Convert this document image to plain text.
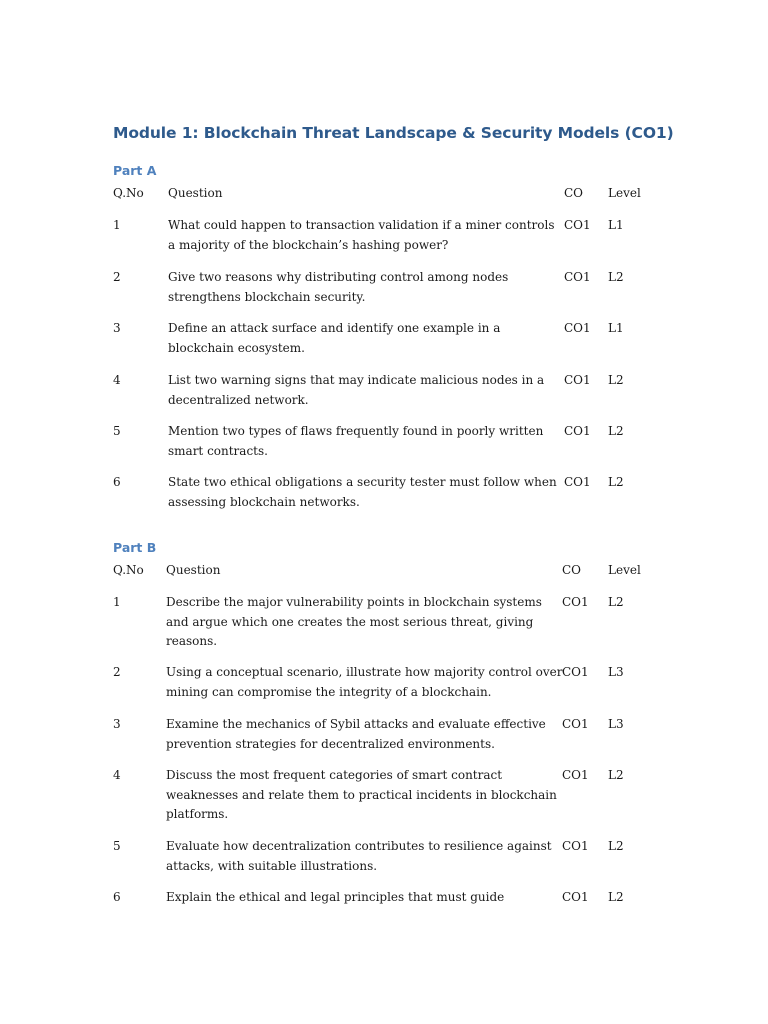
Module 1: Blockchain Threat Landscape & Security Models (CO1)
Part A
Q.No Question	CO Level
1	What could happen to transaction validation if a miner controls
a majority of the blockchain’s hashing power?
CO1 L1
2	Give two reasons why distributing control among nodes
strengthens blockchain security.
CO1 L2
3	Define an attack surface and identify one example in a
blockchain ecosystem.
CO1 L1
4	List two warning signs that may indicate malicious nodes in a
decentralized network.
CO1 L2
5	Mention two types of flaws frequently found in poorly written
smart contracts.
CO1 L2
6	State two ethical obligations a security tester must follow when
assessing blockchain networks.
CO1 L2
Part B
Q.No Question	CO Level
1	Describe the major vulnerability points in blockchain systems
and argue which one creates the most serious threat, giving
reasons.
CO1 L2
2	Using a conceptual scenario, illustrate how majority control over
mining can compromise the integrity of a blockchain.
CO1 L3
3	Examine the mechanics of Sybil attacks and evaluate effective
prevention strategies for decentralized environments.
CO1 L3
4	Discuss the most frequent categories of smart contract
weaknesses and relate them to practical incidents in blockchain
platforms.
CO1 L2
5	Evaluate how decentralization contributes to resilience against
attacks, with suitable illustrations.
CO1 L2
6	Explain the ethical and legal principles that must guide	CO1 L2
